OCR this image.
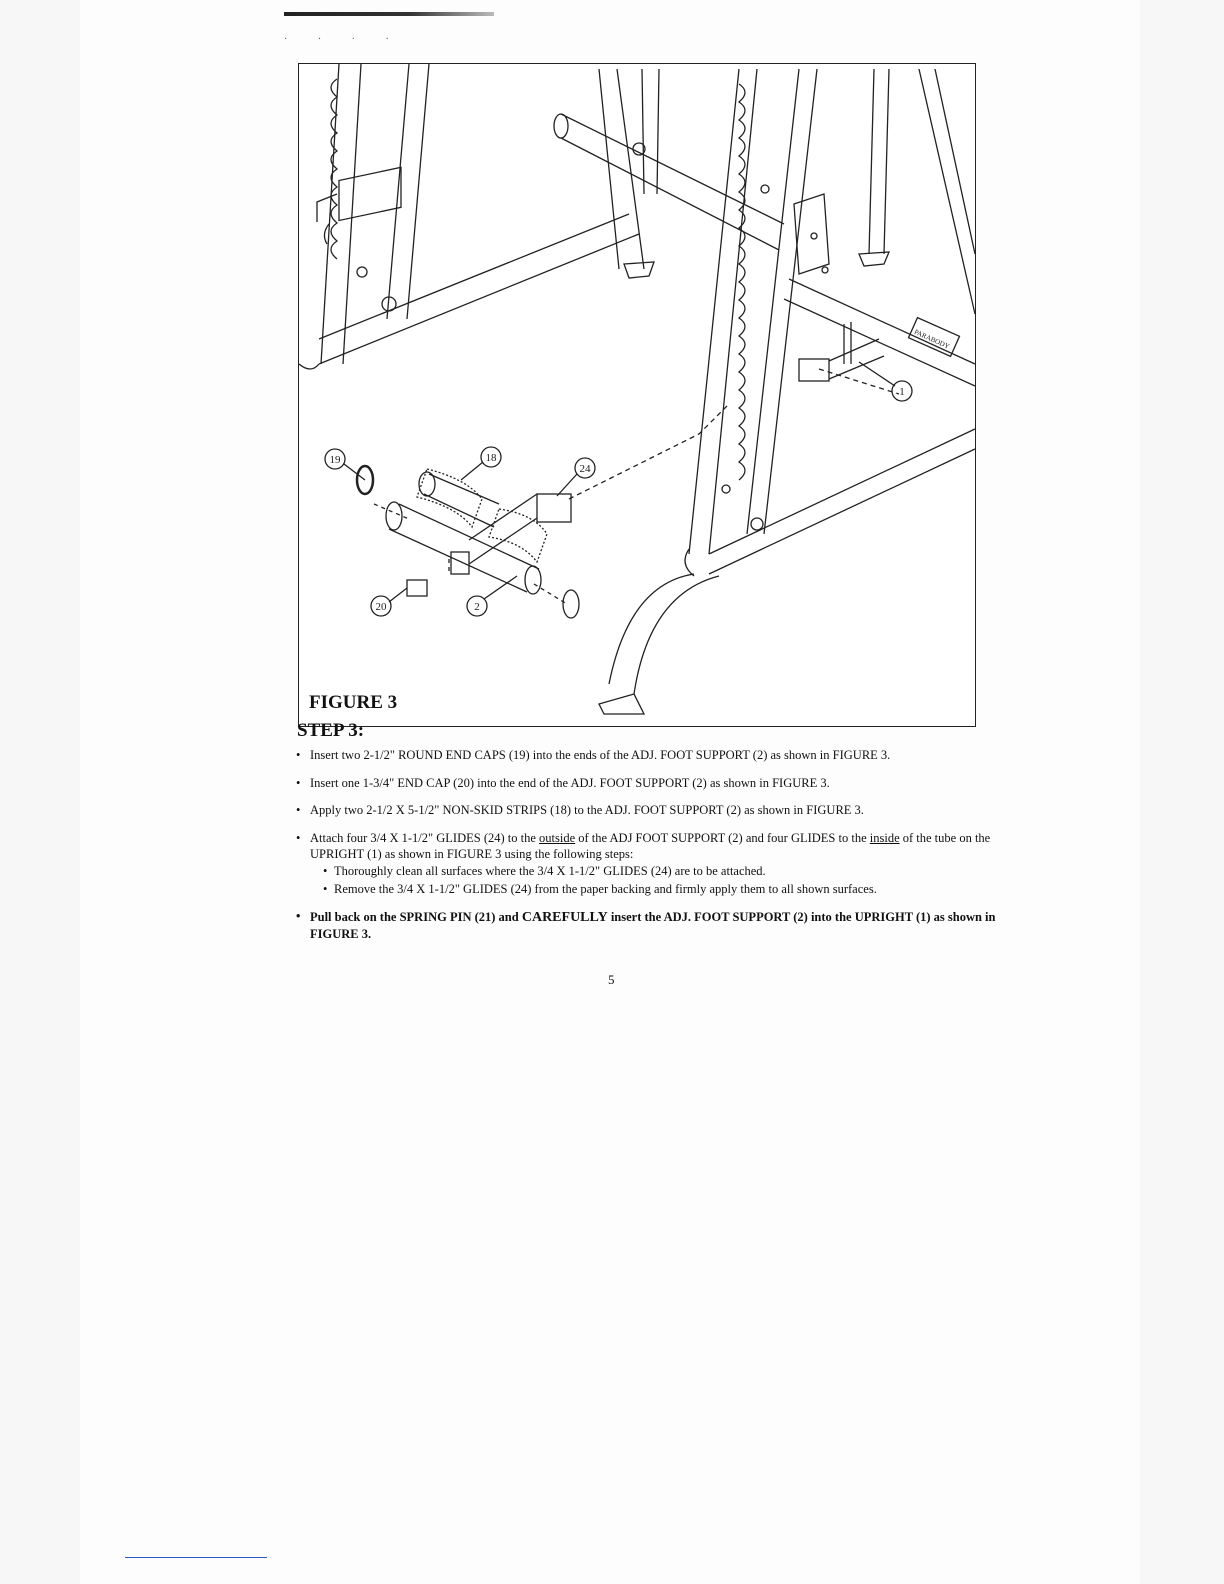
· · · ·
PARABODY
19	18
24
20	2
1
FIGURE 3
STEP 3:
• Insert two 2-1/2" ROUND END CAPS (19) into the ends of the ADJ. FOOT SUPPORT (2) as shown in FIGURE 3.
• Insert one 1-3/4" END CAP (20) into the end of the ADJ. FOOT SUPPORT (2) as shown in FIGURE 3.
• Apply two 2-1/2 X 5-1/2" NON-SKID STRIPS (18) to the ADJ. FOOT SUPPORT (2) as shown in FIGURE 3.
• Attach four 3/4 X 1-1/2" GLIDES (24) to the outside of the ADJ FOOT SUPPORT (2) and four GLIDES to the inside of the tube on the UPRIGHT (1) as shown in FIGURE 3 using the following steps:
• Thoroughly clean all surfaces where the 3/4 X 1-1/2" GLIDES (24) are to be attached.
• Remove the 3/4 X 1-1/2" GLIDES (24) from the paper backing and firmly apply them to all shown surfaces.
• Pull back on the SPRING PIN (21) and CAREFULLY insert the ADJ. FOOT SUPPORT (2) into the UPRIGHT (1) as shown in FIGURE 3.
5
